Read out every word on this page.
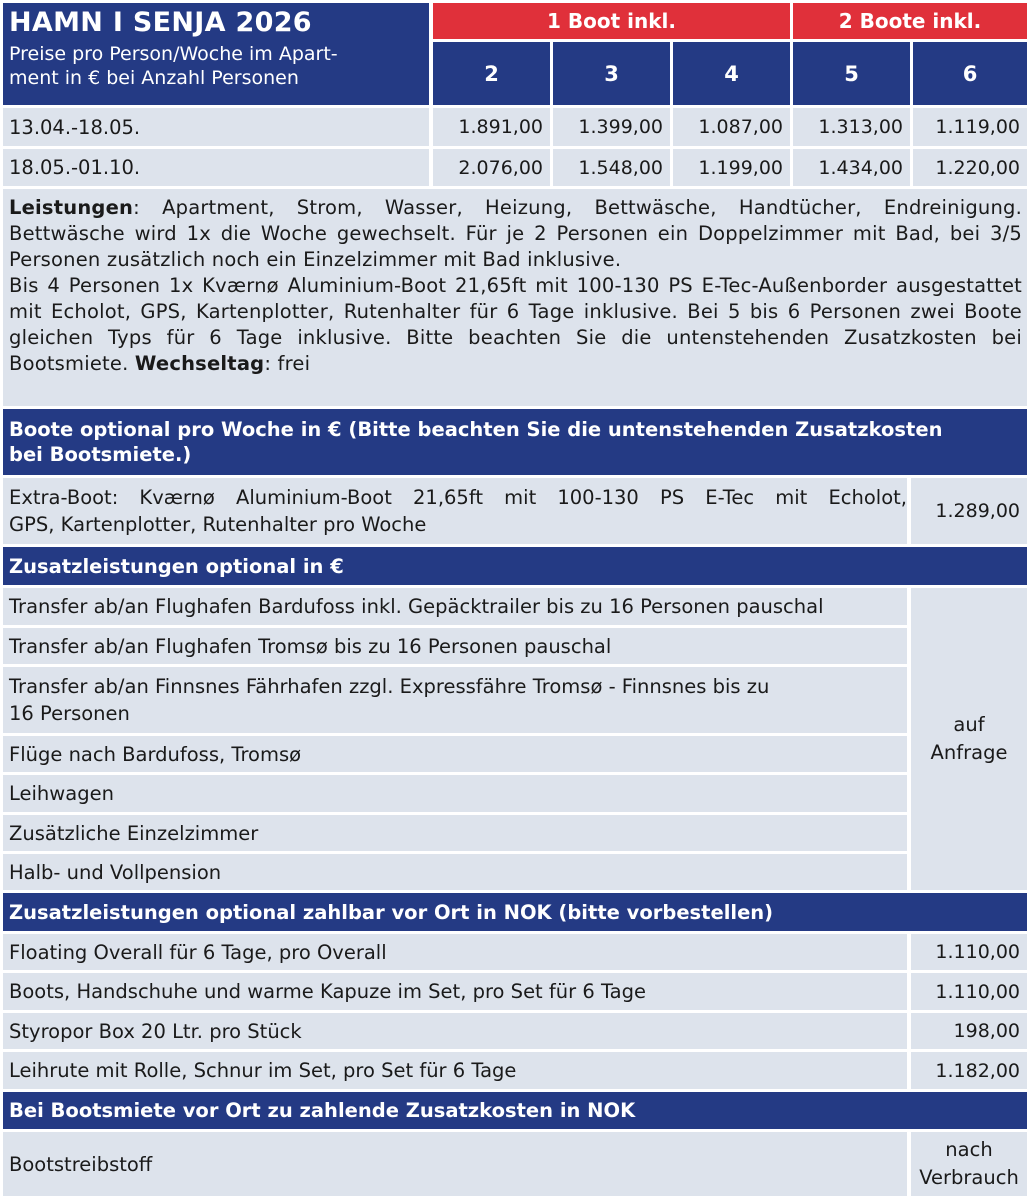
HAMN I SENJA 2026
Preise pro Person/Woche im Apart-
ment in € bei Anzahl Personen
1 Boot inkl.	2 Boote inkl.
2	3	4	5	6
13.04.-18.05.	1.891,00	1.399,00	1.087,00	1.313,00	1.119,00
18.05.-01.10.	2.076,00	1.548,00	1.199,00	1.434,00	1.220,00

Leistungen: Apartment, Strom, Wasser, Heizung, Bettwäsche, Handtücher, Endreinigung. Bettwäsche wird 1x die Woche gewechselt. Für je 2 Personen ein Doppelzimmer mit Bad, bei 3/5 Personen zusätzlich noch ein Einzelzimmer mit Bad inklusive.

Bis 4 Personen 1x Kværnø Aluminium-Boot 21,65ft mit 100-130 PS E-Tec-Außenborder ausgestattet mit Echolot, GPS, Kartenplotter, Rutenhalter für 6 Tage inklusive. Bei 5 bis 6 Personen zwei Boote gleichen Typs für 6 Tage inklusive. Bitte beachten Sie die untenstehenden Zusatzkosten bei Bootsmiete. Wechseltag: frei

Boote optional pro Woche in € (Bitte beachten Sie die untenstehenden Zusatzkosten
bei Bootsmiete.)
Extra-Boot: Kværnø Aluminium-Boot 21,65ft mit 100-130 PS E-Tec mit Echolot,
GPS, Kartenplotter, Rutenhalter pro Woche
1.289,00
Zusatzleistungen optional in €
Transfer ab/an Flughafen Bardufoss inkl. Gepäcktrailer bis zu 16 Personen pauschal
Transfer ab/an Flughafen Tromsø bis zu 16 Personen pauschal
Transfer ab/an Finnsnes Fährhafen zzgl. Expressfähre Tromsø - Finnsnes bis zu
16 Personen
Flüge nach Bardufoss, Tromsø
Leihwagen
Zusätzliche Einzelzimmer
Halb- und Vollpension
auf
Anfrage
Zusatzleistungen optional zahlbar vor Ort in NOK (bitte vorbestellen)
Floating Overall für 6 Tage, pro Overall	1.110,00
Boots, Handschuhe und warme Kapuze im Set, pro Set für 6 Tage	1.110,00
Styropor Box 20 Ltr. pro Stück	198,00
Leihrute mit Rolle, Schnur im Set, pro Set für 6 Tage	1.182,00
Bei Bootsmiete vor Ort zu zahlende Zusatzkosten in NOK
Bootstreibstoff
nach
Verbrauch
